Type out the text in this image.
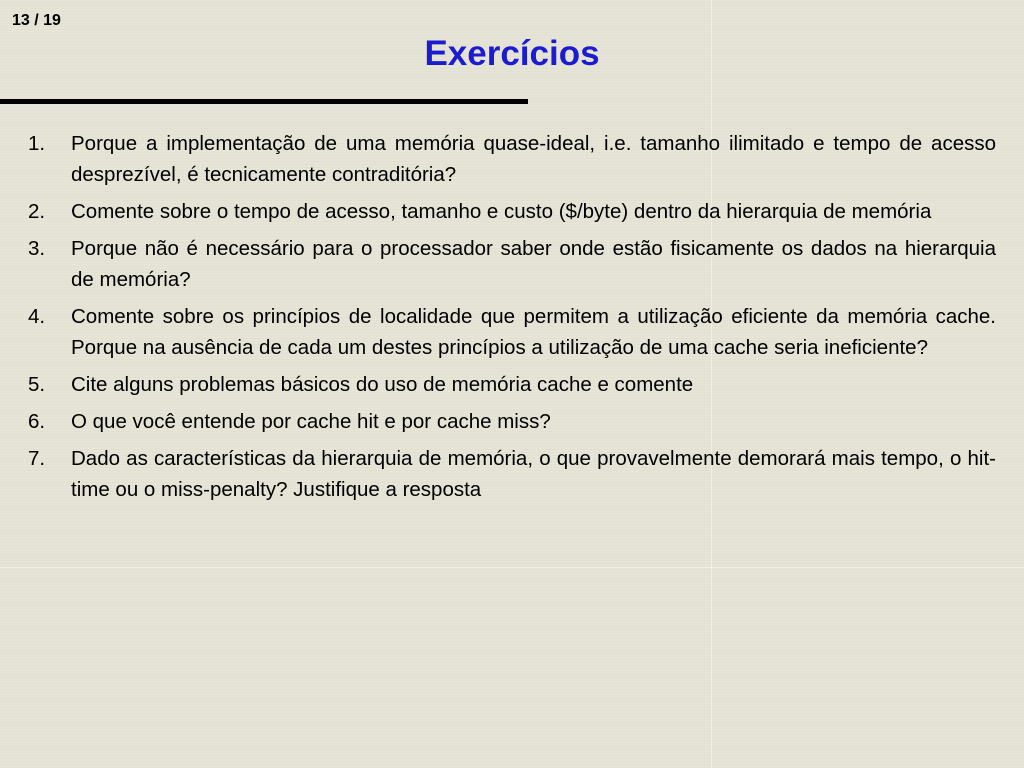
13 / 19
Exercícios
1.	Porque a implementação de uma memória quase-ideal, i.e. tamanho ilimitado e tempo de acesso desprezível, é tecnicamente contraditória?
2.	Comente sobre o tempo de acesso, tamanho e custo ($/byte) dentro da hierarquia de memória
3.	Porque não é necessário para o processador saber onde estão fisicamente os dados na hierarquia de memória?
4.	Comente sobre os princípios de localidade que permitem a utilização eficiente da memória cache. Porque na ausência de cada um destes princípios a utilização de uma cache seria ineficiente?
5.	Cite alguns problemas básicos do uso de memória cache e comente
6.	O que você entende por cache hit e por cache miss?
7.	Dado as características da hierarquia de memória, o que provavelmente demorará mais tempo, o hit-time ou o miss-penalty? Justifique a resposta
